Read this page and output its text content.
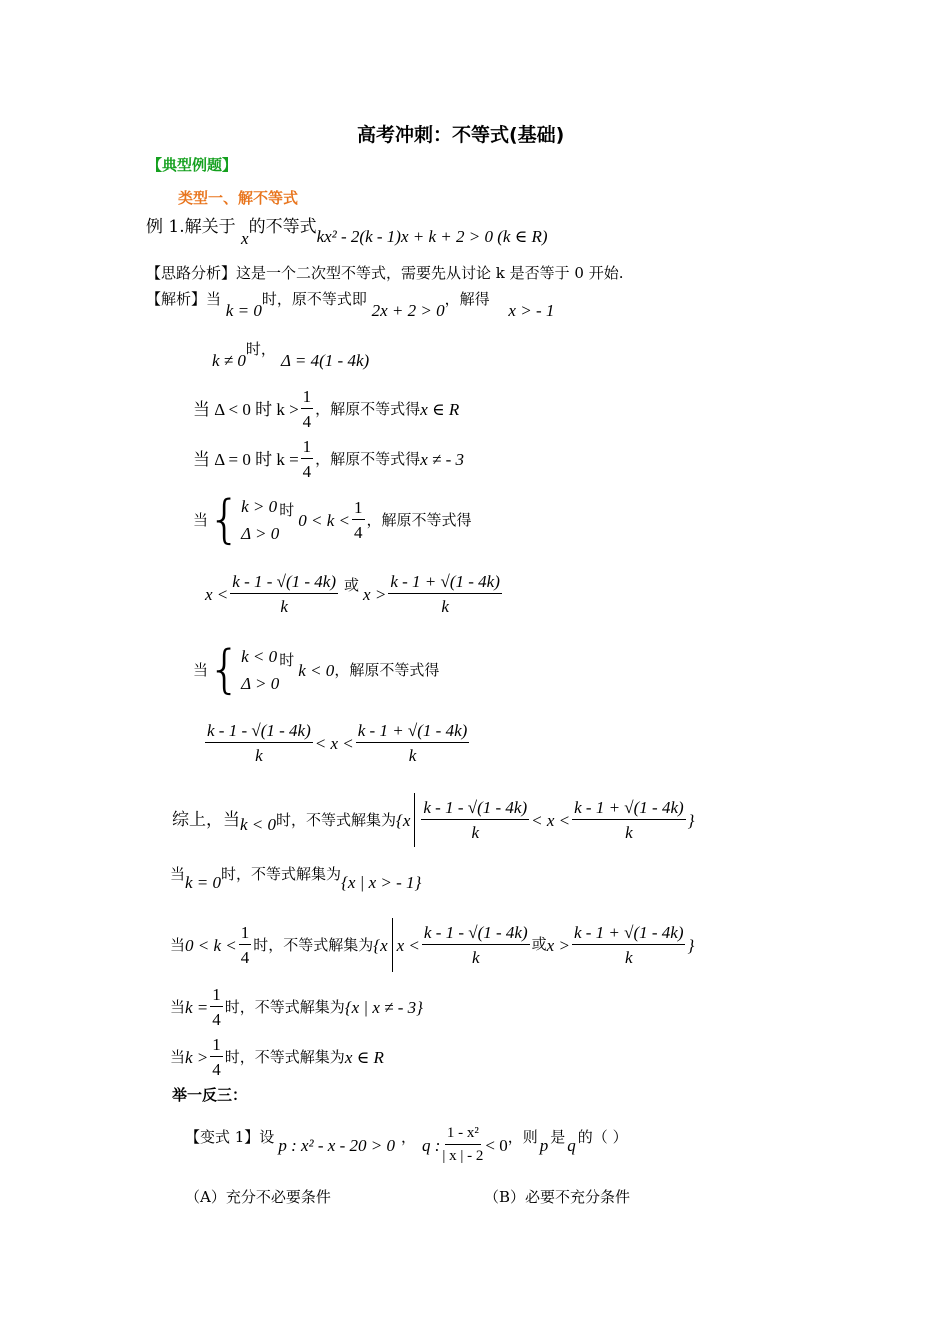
高考冲刺：不等式(基础)
【典型例题】
类型一、解不等式
例 1.解关于 x的不等式kx² - 2(k - 1)x + k + 2 > 0 (k ∈ R)
【思路分析】这是一个二次型不等式，需要先从讨论 k 是否等于 0 开始.
【解析】当 k = 0时，原不等式即 2x + 2 > 0，解得 x > - 1
k ≠ 0时， Δ = 4(1 - 4k)
当 Δ < 0 时 $k > \frac{1}{4}$ ，解原不等式得 x ∈ R
当 Δ = 0 时 $k = \frac{1}{4}$ ，解原不等式得 x ≠ - 3
当 { k > 0
Δ > 0
时
$0 < k < \frac{1}{4}$ ，解原不等式得
$x < \frac{k - 1 - √(1 - 4k)}{k}$ 或 $x > \frac{k - 1 + √(1 - 4k)}{k}$
当 { k < 0
Δ > 0
时
k < 0 ，解原不等式得
$\frac{k - 1 - √(1 - 4k)}{k} < x < \frac{k - 1 + √(1 - 4k)}{k}$
综上，当 k < 0 时，不等式解集为 {$x \frac{k - 1 - √(1 - 4k)}{k} < x < \frac{k - 1 + √(1 - 4k)}{k}$ }
当 k = 0 时，不等式解集为 {x | x > - 1}
当 $0 < k < \frac{1}{4}$ 时，不等式解集为 {x $x < \frac{k - 1 - √(1 - 4k)}{k}$ 或 $x > \frac{k - 1 + √(1 - 4k)}{k}$ }
当 $k = \frac{1}{4}$ 时，不等式解集为 {x | x ≠ - 3}
当 $k > \frac{1}{4}$ 时，不等式解集为 x ∈ R
举一反三：
【变式 1】设 p : x² - x - 20 > 0 ， q : $\frac{\text{1 - x²}}{| x | - 2} < 0$ ，则 p 是 q 的（ ）
（A）充分不必要条件	（B）必要不充分条件
